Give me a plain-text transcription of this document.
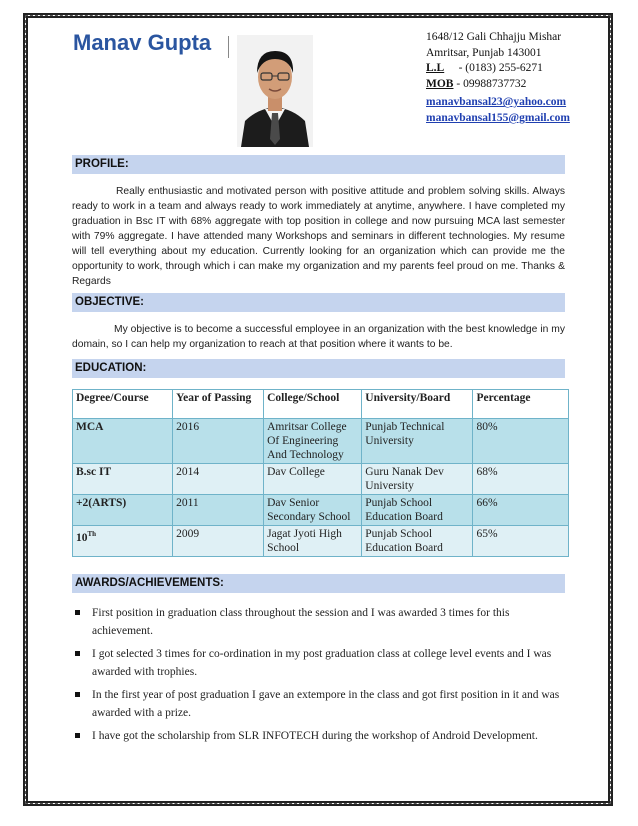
Manav Gupta	1648/12 Gali Chhajju Mishar
Amritsar, Punjab 143001
L.L - (0183) 255-6271
MOB - 09988737732
manavbansal23@yahoo.com
manavbansal155@gmail.com
PROFILE:
Really enthusiastic and motivated person with positive attitude and problem solving skills. Always ready to work in a team and always ready to work immediately at anytime, anywhere. I have completed my graduation in Bsc IT with 68% aggregate with top position in college and now pursuing MCA last semester with 79% aggregate. I have attended many Workshops and seminars in different technologies. My resume will tell everything about my education. Currently looking for an organization which can provide me the opportunity to work, through which i can make my organization and my parents feel proud on me. Thanks & Regards
OBJECTIVE:
My objective is to become a successful employee in an organization with the best knowledge in my domain, so I can help my organization to reach at that position where it wants to be.
EDUCATION:
Degree/Course	Year of Passing	College/School	University/Board	Percentage
MCA	2016	Amritsar College Of Engineering And Technology	Punjab Technical University	80%
B.sc IT	2014	Dav College	Guru Nanak Dev University	68%
+2(ARTS)	2011	Dav Senior Secondary School	Punjab School Education Board	66%
10Th	2009	Jagat Jyoti High School	Punjab School Education Board	65%
AWARDS/ACHIEVEMENTS:
First position in graduation class throughout the session and I was awarded 3 times for this achievement.
I got selected 3 times for co-ordination in my post graduation class at college level events and I was awarded with trophies.
In the first year of post graduation I gave an extempore in the class and got first position in it and was awarded with a prize.
I have got the scholarship from SLR INFOTECH during the workshop of Android Development.
